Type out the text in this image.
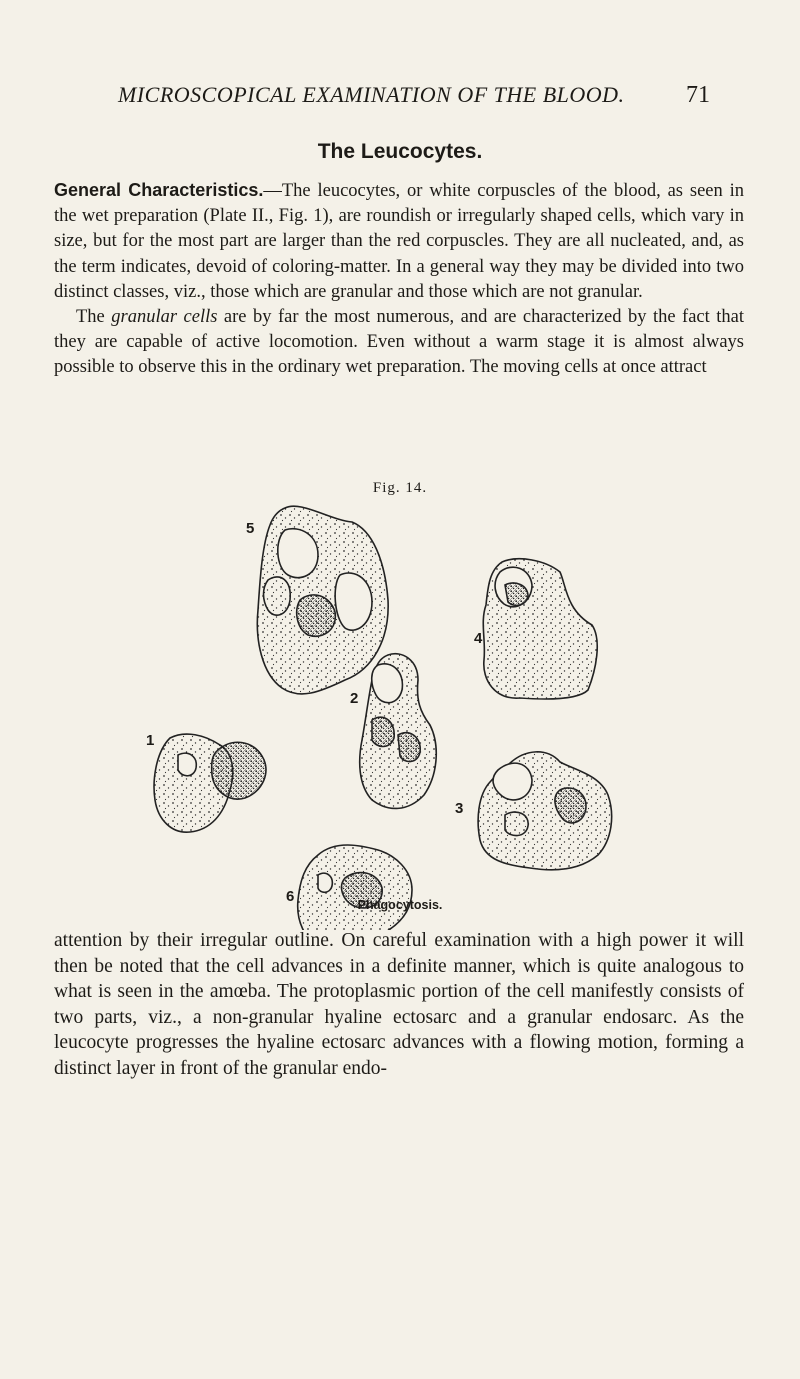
MICROSCOPICAL EXAMINATION OF THE BLOOD.	71
The Leucocytes.

General Characteristics.—The leucocytes, or white corpuscles of the blood, as seen in the wet preparation (Plate II., Fig. 1), are roundish or irregularly shaped cells, which vary in size, but for the most part are larger than the red corpuscles. They are all nucleated, and, as the term indicates, devoid of coloring-matter. In a general way they may be divided into two distinct classes, viz., those which are granular and those which are not granular.
The granular cells are by far the most numerous, and are characterized by the fact that they are capable of active locomotion. Even without a warm stage it is almost always possible to observe this in the ordinary wet preparation. The moving cells at once attract

Fig. 14.
5
4
2
1
3
6	Phagocytosis.

attention by their irregular outline. On careful examination with a high power it will then be noted that the cell advances in a definite manner, which is quite analogous to what is seen in the amœba. The protoplasmic portion of the cell manifestly consists of two parts, viz., a non-granular hyaline ectosarc and a granular endosarc. As the leucocyte progresses the hyaline ectosarc advances with a flowing motion, forming a distinct layer in front of the granular endo-
